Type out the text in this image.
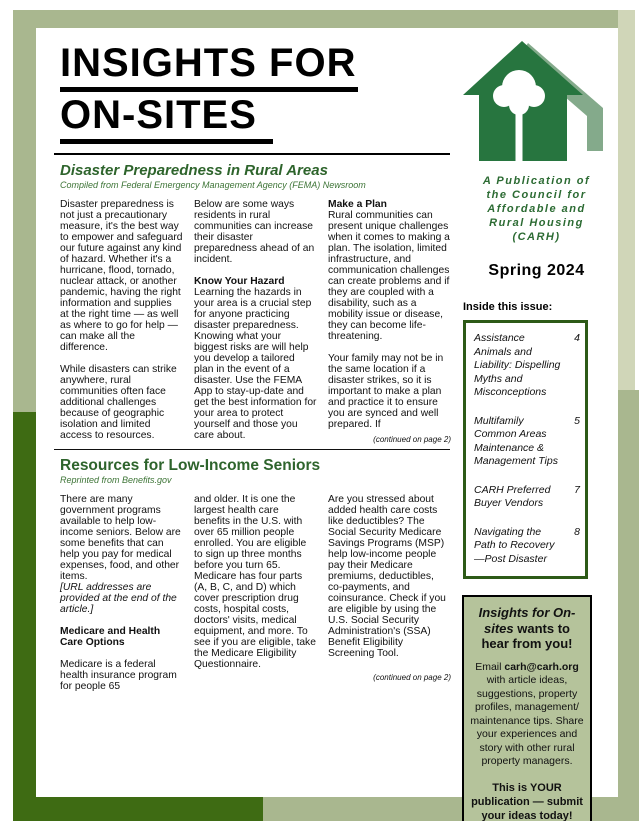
INSIGHTS FOR
ON-SITES
Disaster Preparedness in Rural Areas
Compiled from Federal Emergency Management Agency (FEMA) Newsroom

Disaster preparedness is not just a precautionary measure, it's the best way to empower and safeguard our future against any kind of hazard. Whether it's a hurricane, flood, tornado, nuclear attack, or another pandemic, having the right information and supplies at the right time — as well as where to go for help — can make all the difference.

While disasters can strike anywhere, rural communities often face additional challenges because of geographic isolation and limited access to resources.

Below are some ways residents in rural communities can increase their disaster preparedness ahead of an incident.

Know Your Hazard

Learning the hazards in your area is a crucial step for anyone practicing disaster preparedness. Knowing what your biggest risks are will help you develop a tailored plan in the event of a disaster. Use the FEMA App to stay-up-date and get the best information for your area to protect yourself and those you care about.

Make a Plan

Rural communities can present unique challenges when it comes to making a plan. The isolation, limited infrastructure, and communication challenges can create problems and if they are coupled with a disability, such as a mobility issue or disease, they can become life-threatening.

Your family may not be in the same location if a disaster strikes, so it is important to make a plan and practice it to ensure you are synced and well prepared. If

(continued on page 2)
Resources for Low-Income Seniors
Reprinted from Benefits.gov

There are many government programs available to help low-income seniors. Below are some benefits that can help you pay for medical expenses, food, and other items.

[URL addresses are provided at the end of the article.]

Medicare and Health Care Options

Medicare is a federal health insurance program for people 65

and older. It is one the largest health care benefits in the U.S. with over 65 million people enrolled. You are eligible to sign up three months before you turn 65. Medicare has four parts (A, B, C, and D) which cover prescription drug costs, hospital costs, doctors' visits, medical equipment, and more. To see if you are eligible, take the Medicare Eligibility Questionnaire.

Are you stressed about added health care costs like deductibles? The Social Security Medicare Savings Programs (MSP) help low-income people pay their Medicare premiums, deductibles, co-payments, and coinsurance. Check if you are eligible by using the U.S. Social Security Administration's (SSA) Benefit Eligibility Screening Tool.

(continued on page 2)
A Publication of
the Council for
Affordable and
Rural Housing
(CARH)
Spring 2024
Inside this issue:
Assistance Animals and Liability: Dispelling Myths and Misconceptions
4
Multifamily Common Areas Maintenance & Management Tips
5
CARH Preferred Buyer Vendors
7
Navigating the Path to Recovery —Post Disaster
8
Insights for On-sites wants to hear from you!
Email carh@carh.org with article ideas, suggestions, property profiles, management/ maintenance tips. Share your experiences and story with other rural property managers.
This is YOUR publication — submit your ideas today!
